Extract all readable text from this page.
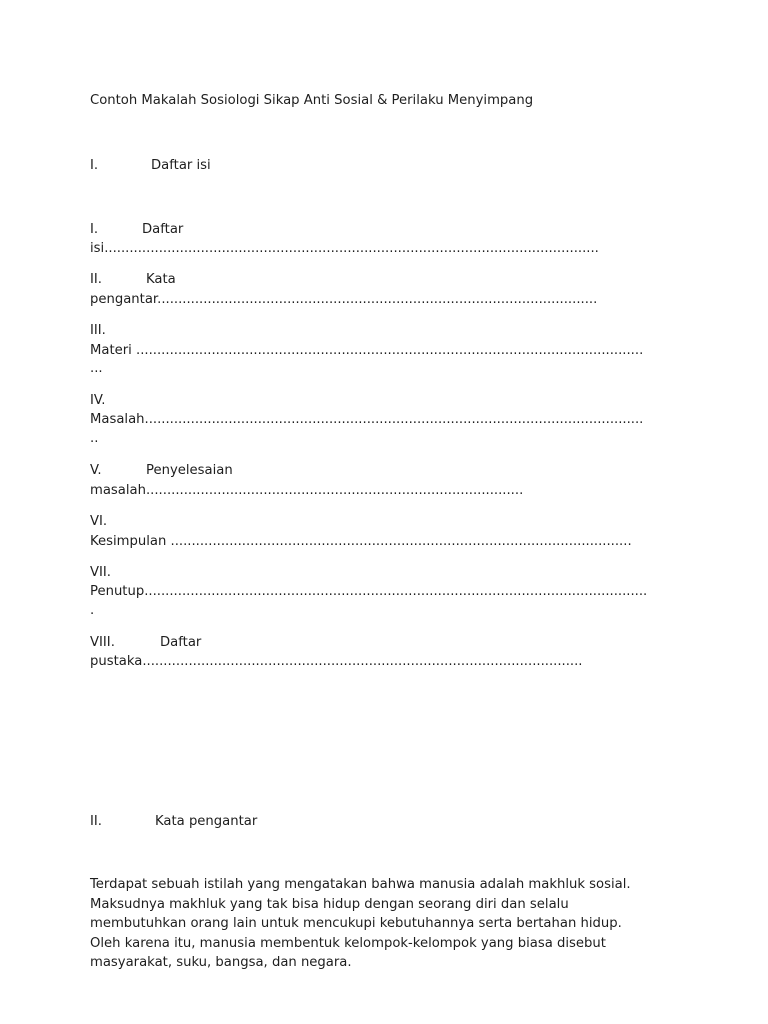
Contoh Makalah Sosiologi Sikap Anti Sosial & Perilaku Menyimpang
I.	Daftar isi
I.	Daftar
isi......................................................................................................................
II.	Kata
pengantar.........................................................................................................
III.
Materi .........................................................................................................................
...
IV.
Masalah.......................................................................................................................
..
V.	Penyelesaian
masalah..........................................................................................
VI.
Kesimpulan ..............................................................................................................
VII.
Penutup........................................................................................................................
.
VIII.	Daftar
pustaka.........................................................................................................
II.	Kata pengantar
Terdapat sebuah istilah yang mengatakan bahwa manusia adalah makhluk sosial.
Maksudnya makhluk yang tak bisa hidup dengan seorang diri dan selalu
membutuhkan orang lain untuk mencukupi kebutuhannya serta bertahan hidup.
Oleh karena itu, manusia membentuk kelompok-kelompok yang biasa disebut
masyarakat, suku, bangsa, dan negara.
